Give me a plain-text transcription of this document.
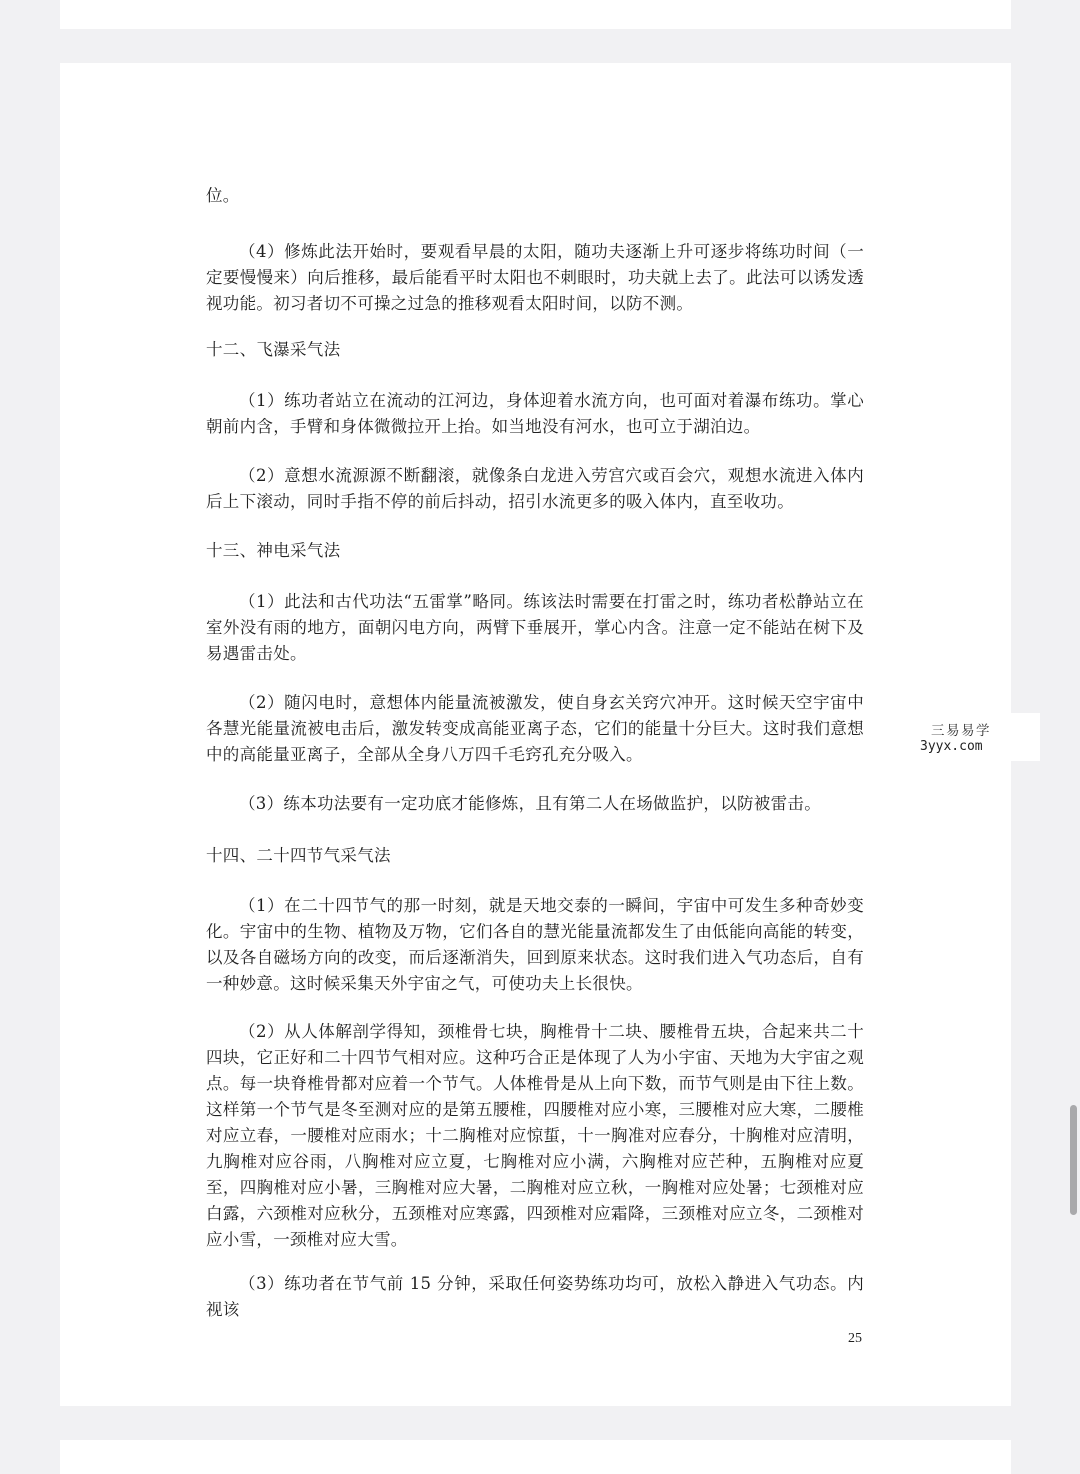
位。

（4）修炼此法开始时，要观看早晨的太阳，随功夫逐渐上升可逐步将练功时间（一定要慢慢来）向后推移，最后能看平时太阳也不刺眼时，功夫就上去了。此法可以诱发透视功能。初习者切不可操之过急的推移观看太阳时间，以防不测。

十二、飞瀑采气法

（1）练功者站立在流动的江河边，身体迎着水流方向，也可面对着瀑布练功。掌心朝前内含，手臂和身体微微拉开上抬。如当地没有河水，也可立于湖泊边。

（2）意想水流源源不断翻滚，就像条白龙进入劳宫穴或百会穴，观想水流进入体内后上下滚动，同时手指不停的前后抖动，招引水流更多的吸入体内，直至收功。

十三、神电采气法

（1）此法和古代功法“五雷掌”略同。练该法时需要在打雷之时，练功者松静站立在室外没有雨的地方，面朝闪电方向，两臂下垂展开，掌心内含。注意一定不能站在树下及易遇雷击处。

（2）随闪电时，意想体内能量流被激发，使自身玄关窍穴冲开。这时候天空宇宙中各慧光能量流被电击后，激发转变成高能亚离子态，它们的能量十分巨大。这时我们意想中的高能量亚离子，全部从全身八万四千毛窍孔充分吸入。

（3）练本功法要有一定功底才能修炼，且有第二人在场做监护，以防被雷击。

十四、二十四节气采气法

（1）在二十四节气的那一时刻，就是天地交泰的一瞬间，宇宙中可发生多种奇妙变化。宇宙中的生物、植物及万物，它们各自的慧光能量流都发生了由低能向高能的转变，以及各自磁场方向的改变，而后逐渐消失，回到原来状态。这时我们进入气功态后，自有一种妙意。这时候采集天外宇宙之气，可使功夫上长很快。

（2）从人体解剖学得知，颈椎骨七块，胸椎骨十二块、腰椎骨五块，合起来共二十四块，它正好和二十四节气相对应。这种巧合正是体现了人为小宇宙、天地为大宇宙之观点。每一块脊椎骨都对应着一个节气。人体椎骨是从上向下数，而节气则是由下往上数。这样第一个节气是冬至测对应的是第五腰椎，四腰椎对应小寒，三腰椎对应大寒，二腰椎对应立春，一腰椎对应雨水；十二胸椎对应惊蜇，十一胸准对应春分，十胸椎对应清明，九胸椎对应谷雨，八胸椎对应立夏，七胸椎对应小满，六胸椎对应芒种，五胸椎对应夏至，四胸椎对应小暑，三胸椎对应大暑，二胸椎对应立秋，一胸椎对应处暑；七颈椎对应白露，六颈椎对应秋分，五颈椎对应寒露，四颈椎对应霜降，三颈椎对应立冬，二颈椎对应小雪，一颈椎对应大雪。

（3）练功者在节气前 15 分钟，采取任何姿势练功均可，放松入静进入气功态。内视该

25
三易易学
3yyx.com
